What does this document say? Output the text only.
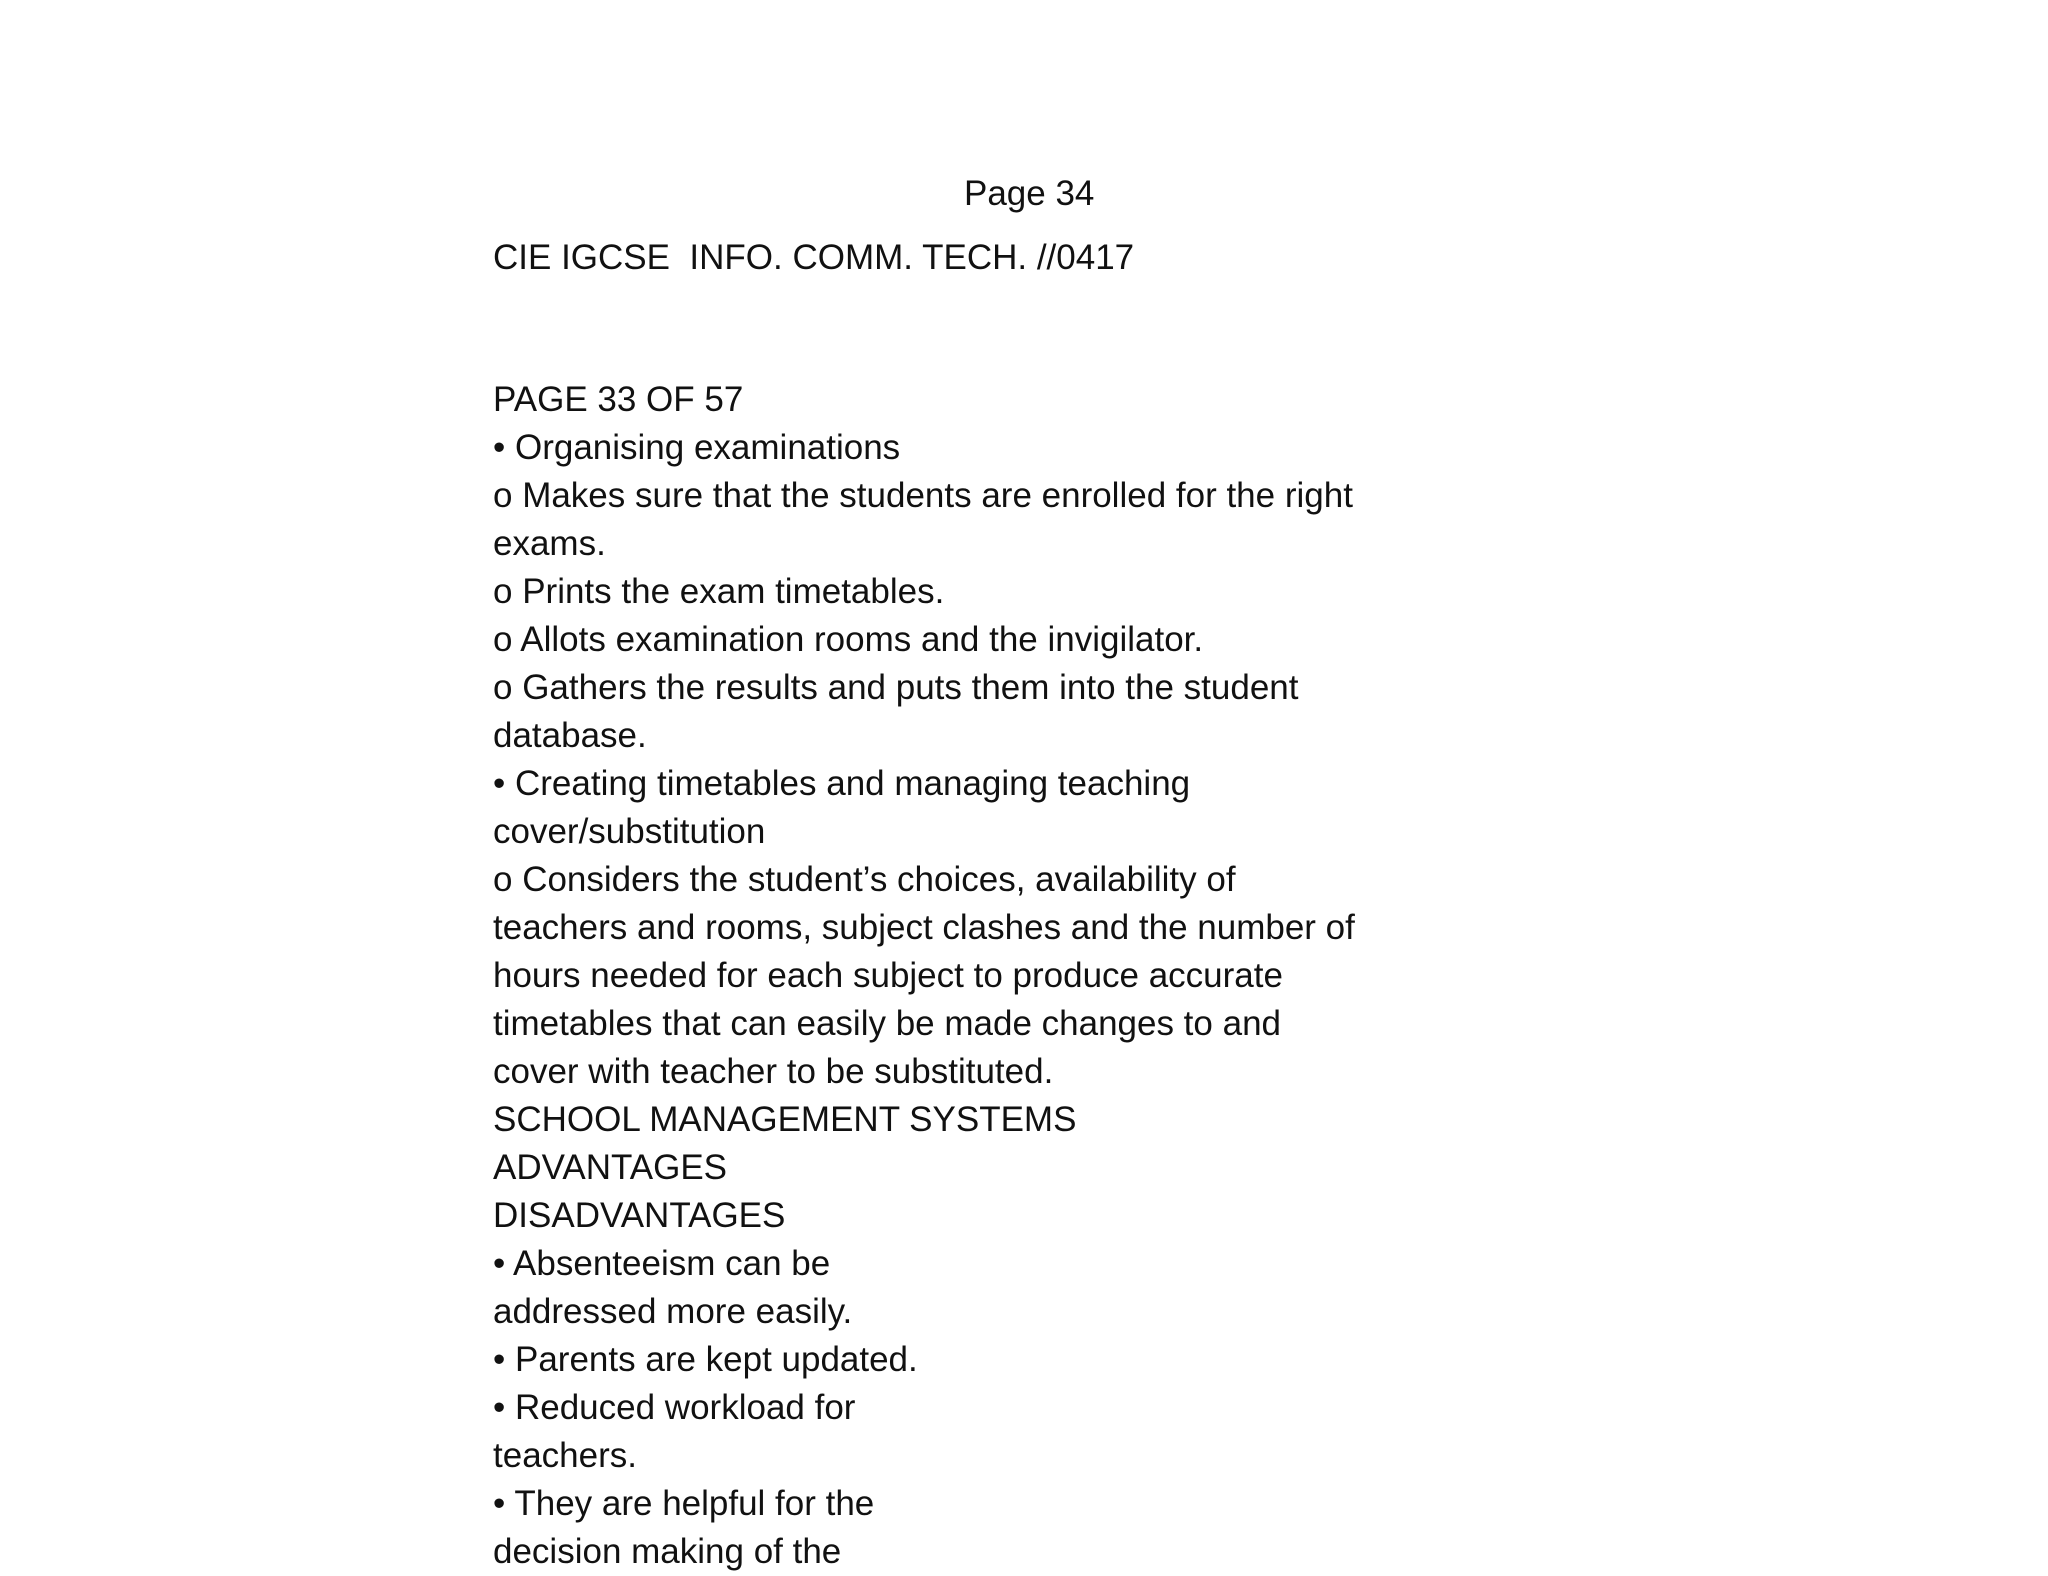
Page 34
CIE IGCSE  INFO. COMM. TECH. //0417
PAGE 33 OF 57
• Organising examinations
o Makes sure that the students are enrolled for the right
exams.
o Prints the exam timetables.
o Allots examination rooms and the invigilator.
o Gathers the results and puts them into the student
database.
• Creating timetables and managing teaching
cover/substitution
o Considers the student’s choices, availability of
teachers and rooms, subject clashes and the number of
hours needed for each subject to produce accurate
timetables that can easily be made changes to and
cover with teacher to be substituted.
SCHOOL MANAGEMENT SYSTEMS
ADVANTAGES
DISADVANTAGES
• Absenteeism can be
addressed more easily.
• Parents are kept updated.
• Reduced workload for
teachers.
• They are helpful for the
decision making of the
